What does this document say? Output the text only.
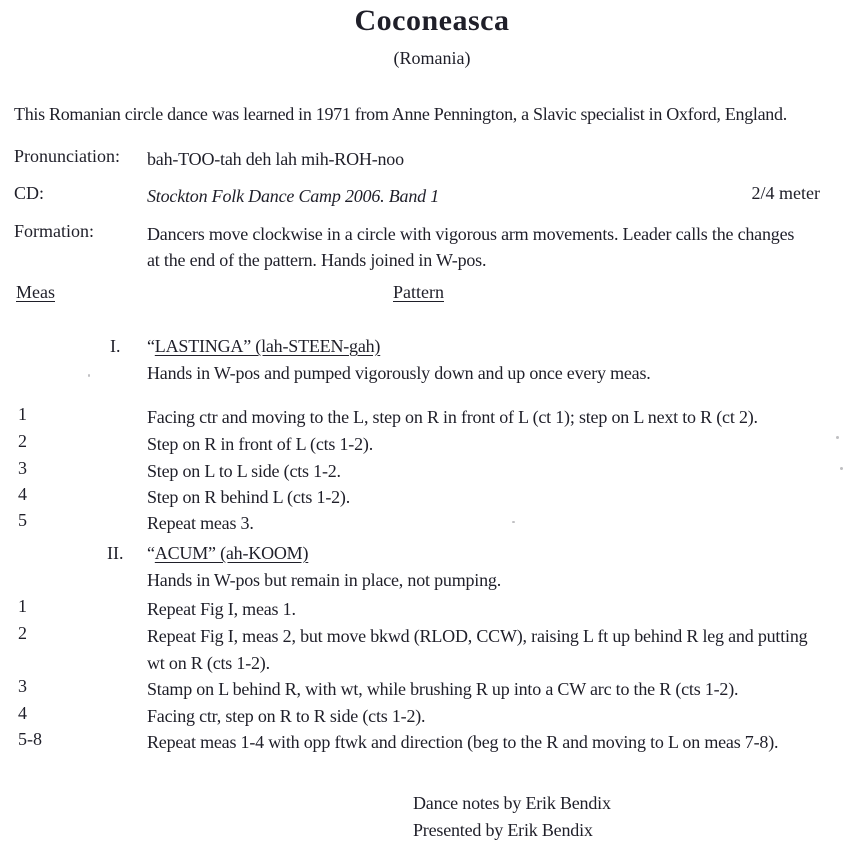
Coconeasca
(Romania)

This Romanian circle dance was learned in 1971 from Anne Pennington, a Slavic specialist in Oxford, England.

Pronunciation: bah-TOO-tah deh lah mih-ROH-noo
CD:	Stockton Folk Dance Camp 2006. Band 1	2/4 meter
Formation:	Dancers move clockwise in a circle with vigorous arm movements. Leader calls the changes
at the end of the pattern. Hands joined in W-pos.
Meas	Pattern
I. “LASTINGA” (lah-STEEN-gah)
Hands in W-pos and pumped vigorously down and up once every meas.
1	Facing ctr and moving to the L, step on R in front of L (ct 1); step on L next to R (ct 2).
2	Step on R in front of L (cts 1-2).
3	Step on L to L side (cts 1-2.
4	Step on R behind L (cts 1-2).
5	Repeat meas 3.
II. “ACUM” (ah-KOOM)
Hands in W-pos but remain in place, not pumping.
1	Repeat Fig I, meas 1.
2	Repeat Fig I, meas 2, but move bkwd (RLOD, CCW), raising L ft up behind R leg and putting
wt on R (cts 1-2).
3	Stamp on L behind R, with wt, while brushing R up into a CW arc to the R (cts 1-2).
4	Facing ctr, step on R to R side (cts 1-2).
5-8	Repeat meas 1-4 with opp ftwk and direction (beg to the R and moving to L on meas 7-8).
Dance notes by Erik Bendix
Presented by Erik Bendix
